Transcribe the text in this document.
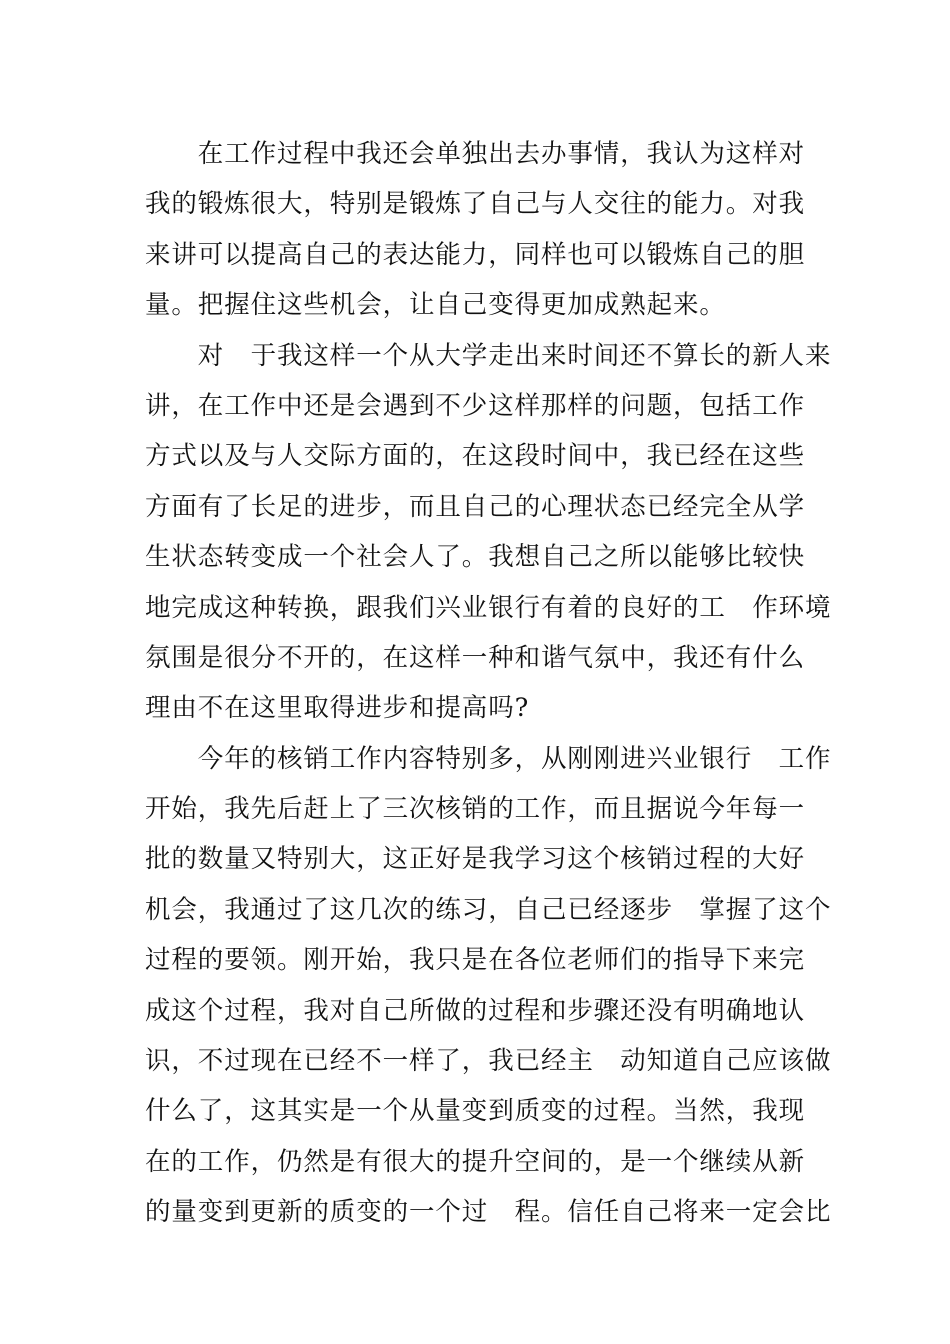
　　在工作过程中我还会单独出去办事情，我认为这样对
我的锻炼很大，特别是锻炼了自己与人交往的能力。对我
来讲可以提高自己的表达能力，同样也可以锻炼自己的胆
量。把握住这些机会，让自己变得更加成熟起来。
　　对　于我这样一个从大学走出来时间还不算长的新人来
讲，在工作中还是会遇到不少这样那样的问题，包括工作
方式以及与人交际方面的，在这段时间中，我已经在这些
方面有了长足的进步，而且自己的心理状态已经完全从学
生状态转变成一个社会人了。我想自己之所以能够比较快
地完成这种转换，跟我们兴业银行有着的良好的工　作环境
氛围是很分不开的，在这样一种和谐气氛中，我还有什么
理由不在这里取得进步和提高吗?
　　今年的核销工作内容特别多，从刚刚进兴业银行　工作
开始，我先后赶上了三次核销的工作，而且据说今年每一
批的数量又特别大，这正好是我学习这个核销过程的大好
机会，我通过了这几次的练习，自己已经逐步　掌握了这个
过程的要领。刚开始，我只是在各位老师们的指导下来完
成这个过程，我对自己所做的过程和步骤还没有明确地认
识，不过现在已经不一样了，我已经主　动知道自己应该做
什么了，这其实是一个从量变到质变的过程。当然，我现
在的工作，仍然是有很大的提升空间的，是一个继续从新
的量变到更新的质变的一个过　程。信任自己将来一定会比
